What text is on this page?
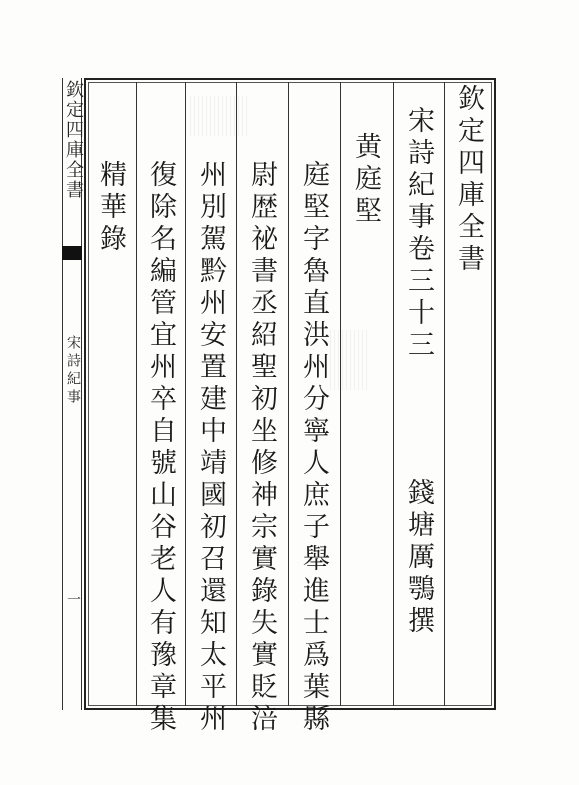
欽定四庫全書
宋詩紀事
一
欽定四庫全書
宋詩紀事卷三十三
錢塘厲鶚撰
黄庭堅
庭堅字魯直洪州分寧人庶子舉進士爲葉縣
尉歴祕書丞紹聖初坐修神宗實錄失實貶涪
州別駕黔州安置建中靖國初召還知太平州
復除名編管宜州卒自號山谷老人有豫章集
精華錄
